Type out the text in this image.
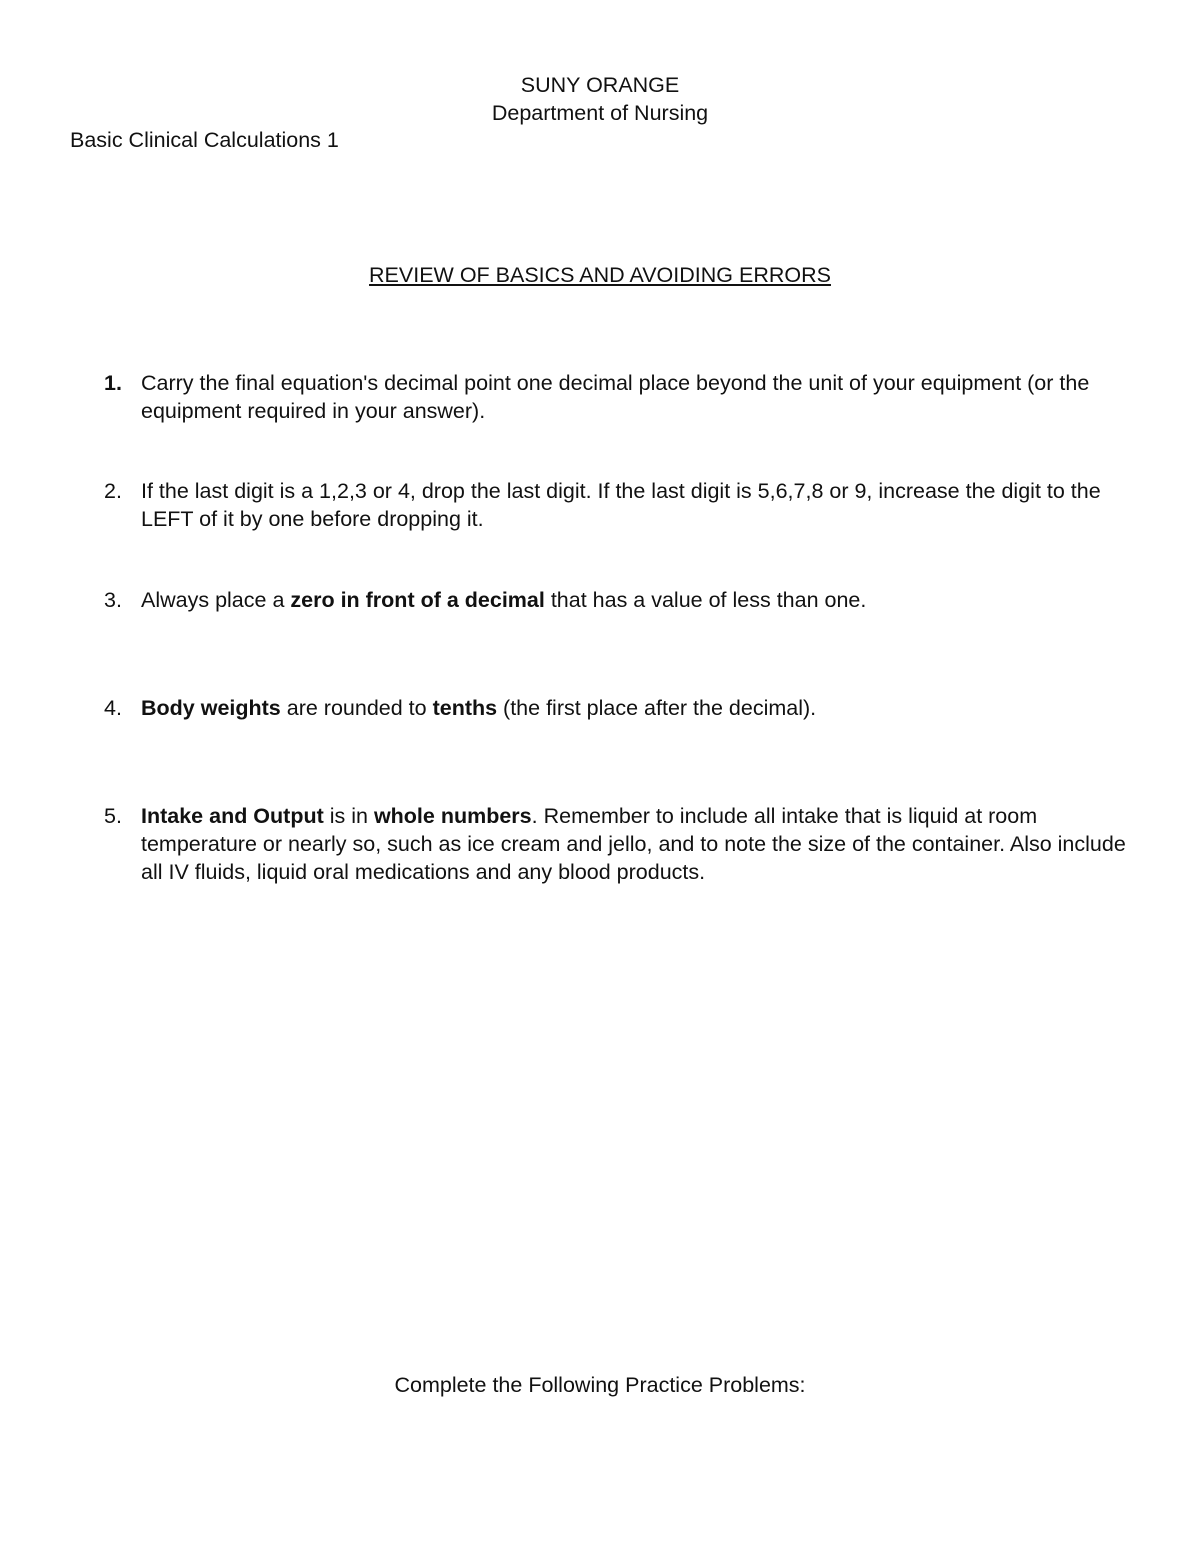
SUNY ORANGE
Department of Nursing
Basic Clinical Calculations 1
REVIEW OF BASICS AND AVOIDING ERRORS
1. Carry the final equation's decimal point one decimal place beyond the unit of your equipment (or the equipment required in your answer).
2. If the last digit is a 1,2,3 or 4, drop the last digit. If the last digit is 5,6,7,8 or 9, increase the digit to the LEFT of it by one before dropping it.
3. Always place a zero in front of a decimal that has a value of less than one.
4. Body weights are rounded to tenths (the first place after the decimal).
5. Intake and Output is in whole numbers. Remember to include all intake that is liquid at room temperature or nearly so, such as ice cream and jello, and to note the size of the container. Also include all IV fluids, liquid oral medications and any blood products.
Complete the Following Practice Problems:
